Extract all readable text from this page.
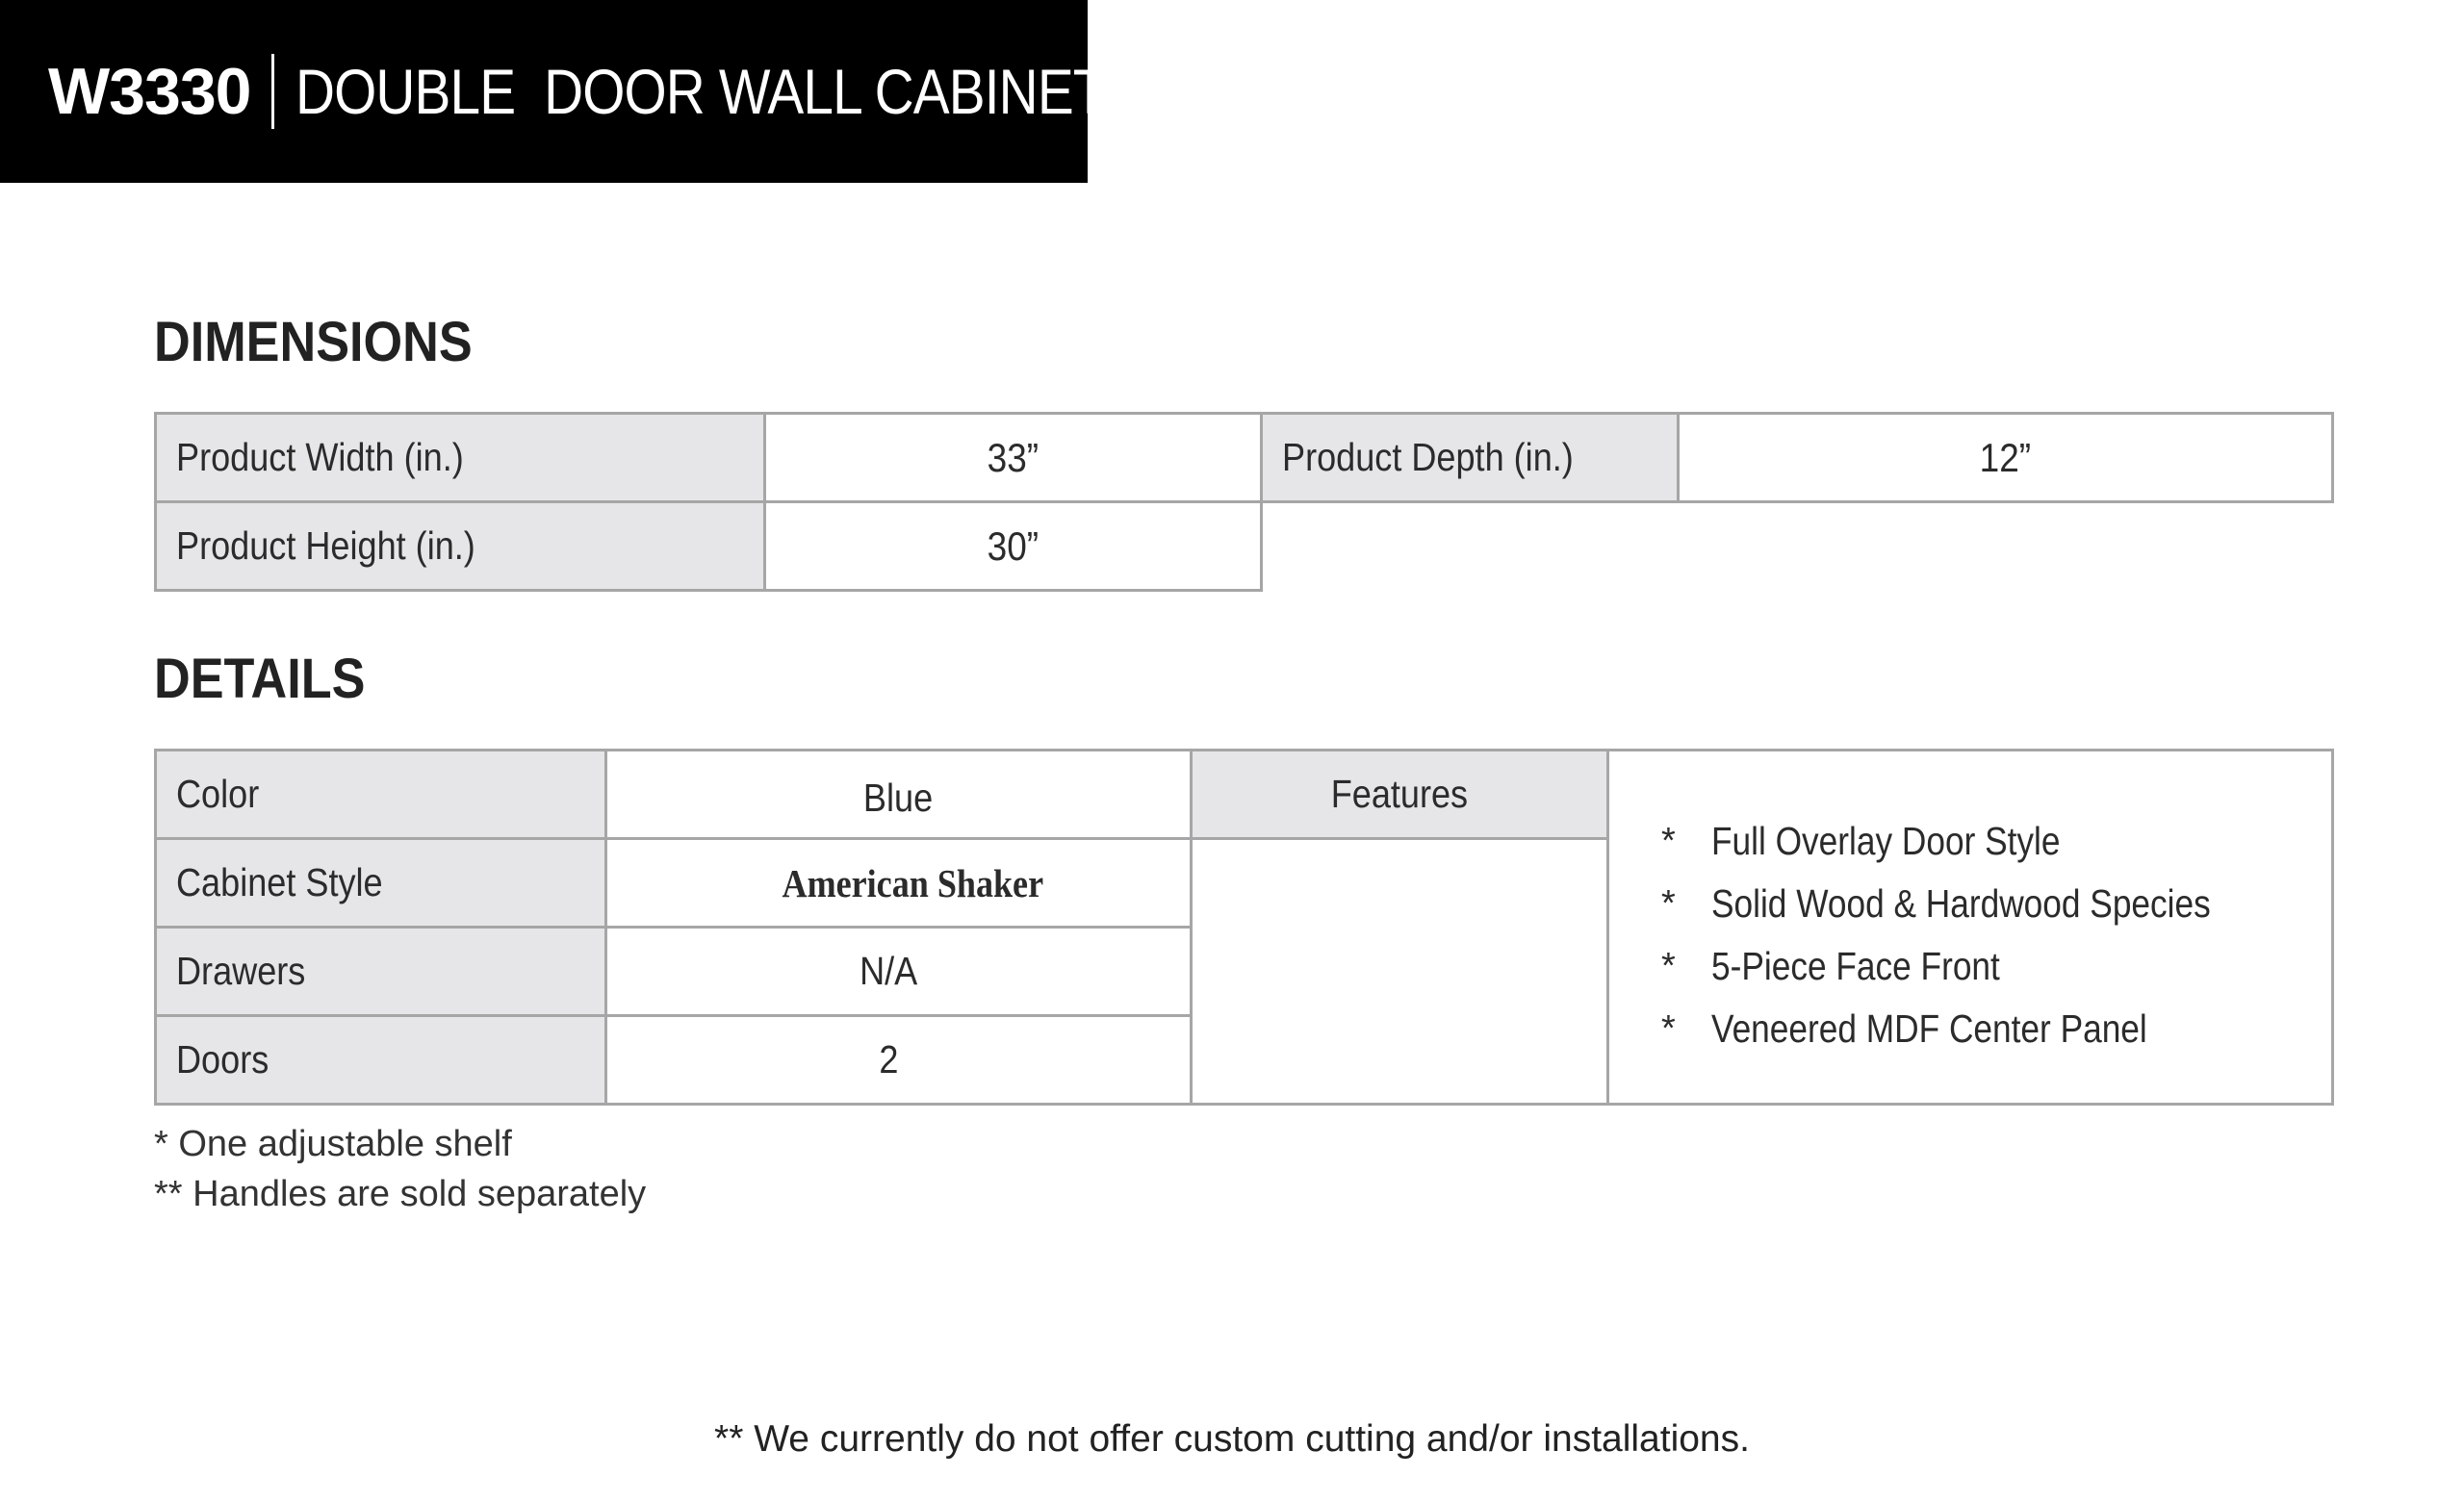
W3330 DOUBLE  DOOR WALL CABINET
DIMENSIONS
Product Width (in.)	33”	Product Depth (in.)	12”
Product Height (in.)	30”
DETAILS
Color	Blue
Cabinet Style	American Shaker
Drawers	N/A
Doors	2
Features
* Full Overlay Door Style
* Solid Wood & Hardwood Species
* 5-Piece Face Front
* Veneered MDF Center Panel
* One adjustable shelf
** Handles are sold separately
** We currently do not offer custom cutting and/or installations.
